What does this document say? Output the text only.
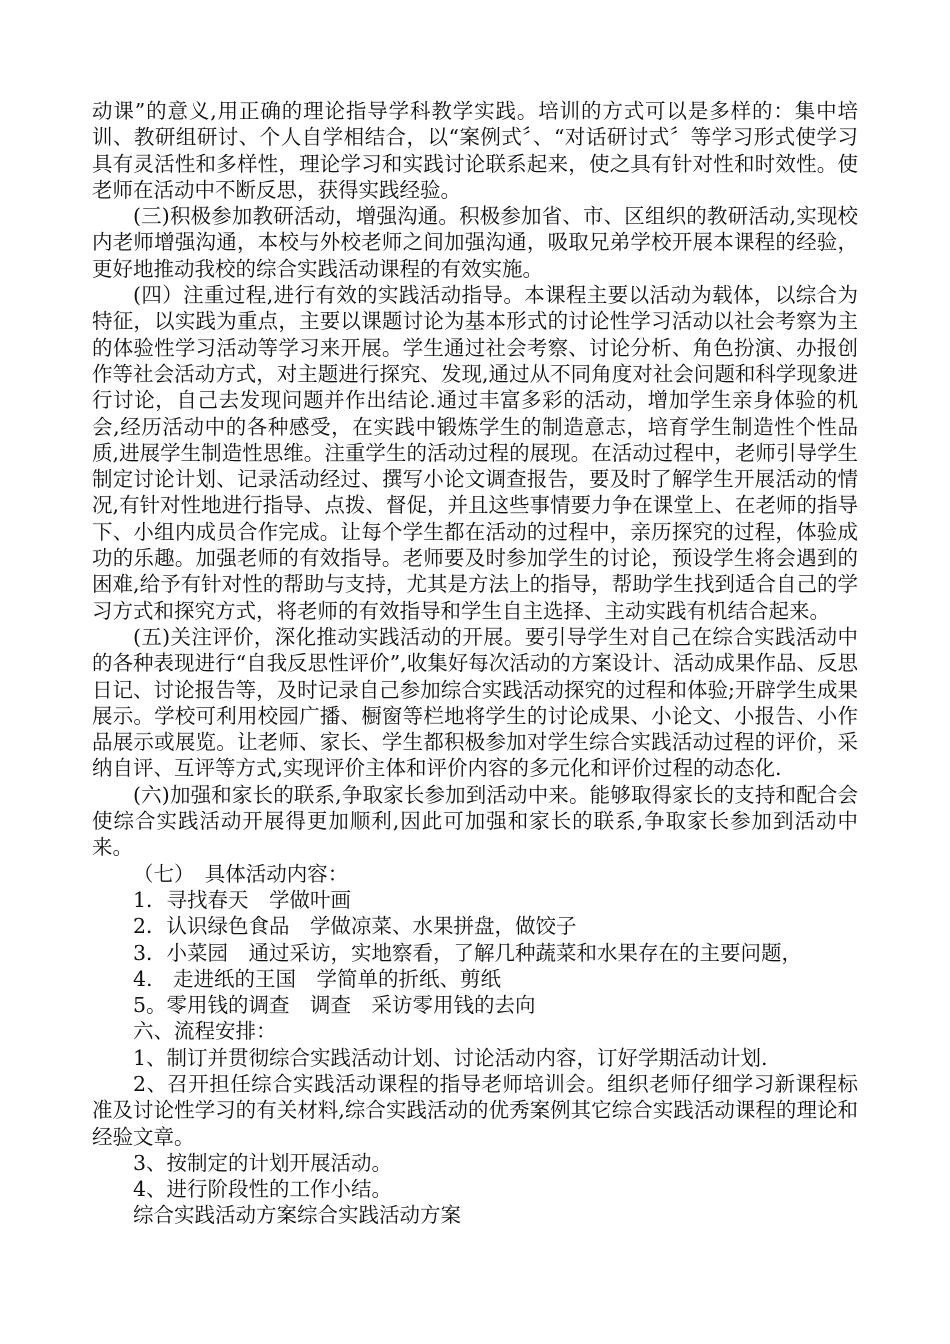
动课”的意义,用正确的理论指导学科教学实践。培训的方式可以是多样的：集中培训、教研组研讨、个人自学相结合，以“案例式〞、“对话研讨式〞等学习形式使学习具有灵活性和多样性，理论学习和实践讨论联系起来，使之具有针对性和时效性。使老师在活动中不断反思，获得实践经验。

(三)积极参加教研活动，增强沟通。积极参加省、市、区组织的教研活动,实现校内老师增强沟通，本校与外校老师之间加强沟通，吸取兄弟学校开展本课程的经验，更好地推动我校的综合实践活动课程的有效实施。

(四）注重过程,进行有效的实践活动指导。本课程主要以活动为载体，以综合为特征，以实践为重点，主要以课题讨论为基本形式的讨论性学习活动以社会考察为主的体验性学习活动等学习来开展。学生通过社会考察、讨论分析、角色扮演、办报创作等社会活动方式，对主题进行探究、发现,通过从不同角度对社会问题和科学现象进行讨论，自己去发现问题并作出结论.通过丰富多彩的活动，增加学生亲身体验的机会,经历活动中的各种感受，在实践中锻炼学生的制造意志，培育学生制造性个性品质,进展学生制造性思维。注重学生的活动过程的展现。在活动过程中，老师引导学生制定讨论计划、记录活动经过、撰写小论文调查报告，要及时了解学生开展活动的情况,有针对性地进行指导、点拨、督促，并且这些事情要力争在课堂上、在老师的指导下、小组内成员合作完成。让每个学生都在活动的过程中，亲历探究的过程，体验成功的乐趣。加强老师的有效指导。老师要及时参加学生的讨论，预设学生将会遇到的困难,给予有针对性的帮助与支持，尤其是方法上的指导，帮助学生找到适合自己的学习方式和探究方式，将老师的有效指导和学生自主选择、主动实践有机结合起来。

(五)关注评价，深化推动实践活动的开展。要引导学生对自己在综合实践活动中的各种表现进行“自我反思性评价”,收集好每次活动的方案设计、活动成果作品、反思日记、讨论报告等，及时记录自己参加综合实践活动探究的过程和体验;开辟学生成果展示。学校可利用校园广播、橱窗等栏地将学生的讨论成果、小论文、小报告、小作品展示或展览。让老师、家长、学生都积极参加对学生综合实践活动过程的评价，采纳自评、互评等方式,实现评价主体和评价内容的多元化和评价过程的动态化.

(六)加强和家长的联系,争取家长参加到活动中来。能够取得家长的支持和配合会使综合实践活动开展得更加顺利,因此可加强和家长的联系,争取家长参加到活动中来。

（七）　具体活动内容：

1．寻找春天　学做叶画

2．认识绿色食品　学做凉菜、水果拼盘，做饺子

3．小菜园　通过采访，实地察看，了解几种蔬菜和水果存在的主要问题，

4.　走进纸的王国　学简单的折纸、剪纸

5。零用钱的调查　调查　采访零用钱的去向

六、流程安排：

1、制订并贯彻综合实践活动计划、讨论活动内容，订好学期活动计划.

2、召开担任综合实践活动课程的指导老师培训会。组织老师仔细学习新课程标准及讨论性学习的有关材料,综合实践活动的优秀案例其它综合实践活动课程的理论和经验文章。

3、按制定的计划开展活动。

4、进行阶段性的工作小结。

综合实践活动方案综合实践活动方案
